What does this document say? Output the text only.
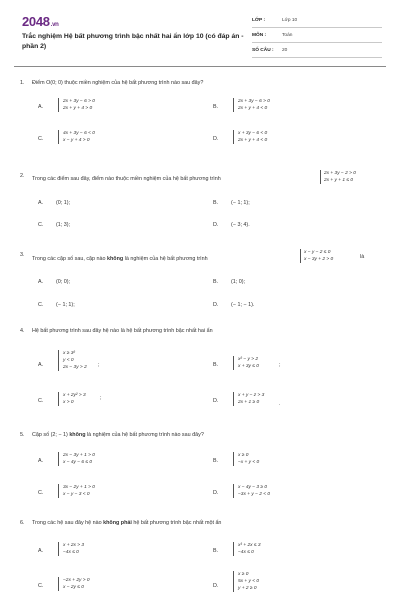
2048.vn
Trắc nghiệm Hệ bất phương trình bậc nhất hai ẩn lớp 10 (có đáp án - phần 2)
LỚP :	Lớp 10
MÔN :	Toán
SỐ CÂU : 20
1. Điểm O(0; 0) thuộc miền nghiệm của hệ bất phương trình nào sau đây?
A.
2x + 3y − 6 > 0
2x + y + 4 > 0	B.
2x + 3y − 6 > 0
2x + y + 4 < 0
C.
4x + 3y − 6 < 0
x − y + 4 > 0	D.
x + 3y − 6 < 0
2x + y + 4 < 0
2. Trong các điểm sau đây, điểm nào thuộc miền nghiệm của hệ bất phương trình
2x + 3y − 2 > 0
2x + y + 1 ≤ 0
A. (0; 1);	B. (− 1; 1);
C. (1; 3);	D. (− 3; 4).
3.
Trong các cặp số sau, cặp nào không là nghiệm của hệ bất phương trình
x − y − 2 ≤ 0
x − 3y + 2 > 0	là
A. (0; 0);	B. (1; 0);
C. (− 1; 1);	D. (− 1; − 1).
4. Hệ bất phương trình sau đây hệ nào là hệ bất phương trình bậc nhất hai ẩn
A.
x ≥ 3²
y < 0
2x − 3y > 2 ;	B.
x² − y > 2
x + 3y ≤ 0	;
C.
x + 2y² > 3
x > 0
;	D.
x + y − z > 3
2x + 1 ≥ 0	.
5. Cặp số (2; − 1) không là nghiệm của hệ bất phương trình nào sau đây?
A.
2x − 3y + 1 > 0
x − 4y − 6 ≤ 0	B.
x ≥ 0
−x + y < 0
C.
3x − 2y + 1 > 0
x − y − 3 < 0	D.
x − 4y − 3 ≥ 0
−3x + y − 2 < 0
6. Trong các hệ sau đây hệ nào không phải hệ bất phương trình bậc nhất một ẩn
A.
x + 2x > 3
−4x ≤ 0	B.
x³ + 2x ≤ 3
−4x ≤ 0
C.
−2x + 2y > 0
x − 2y ≤ 0	D.
x ≥ 0
5x + y < 0
y + 2 ≥ 0
